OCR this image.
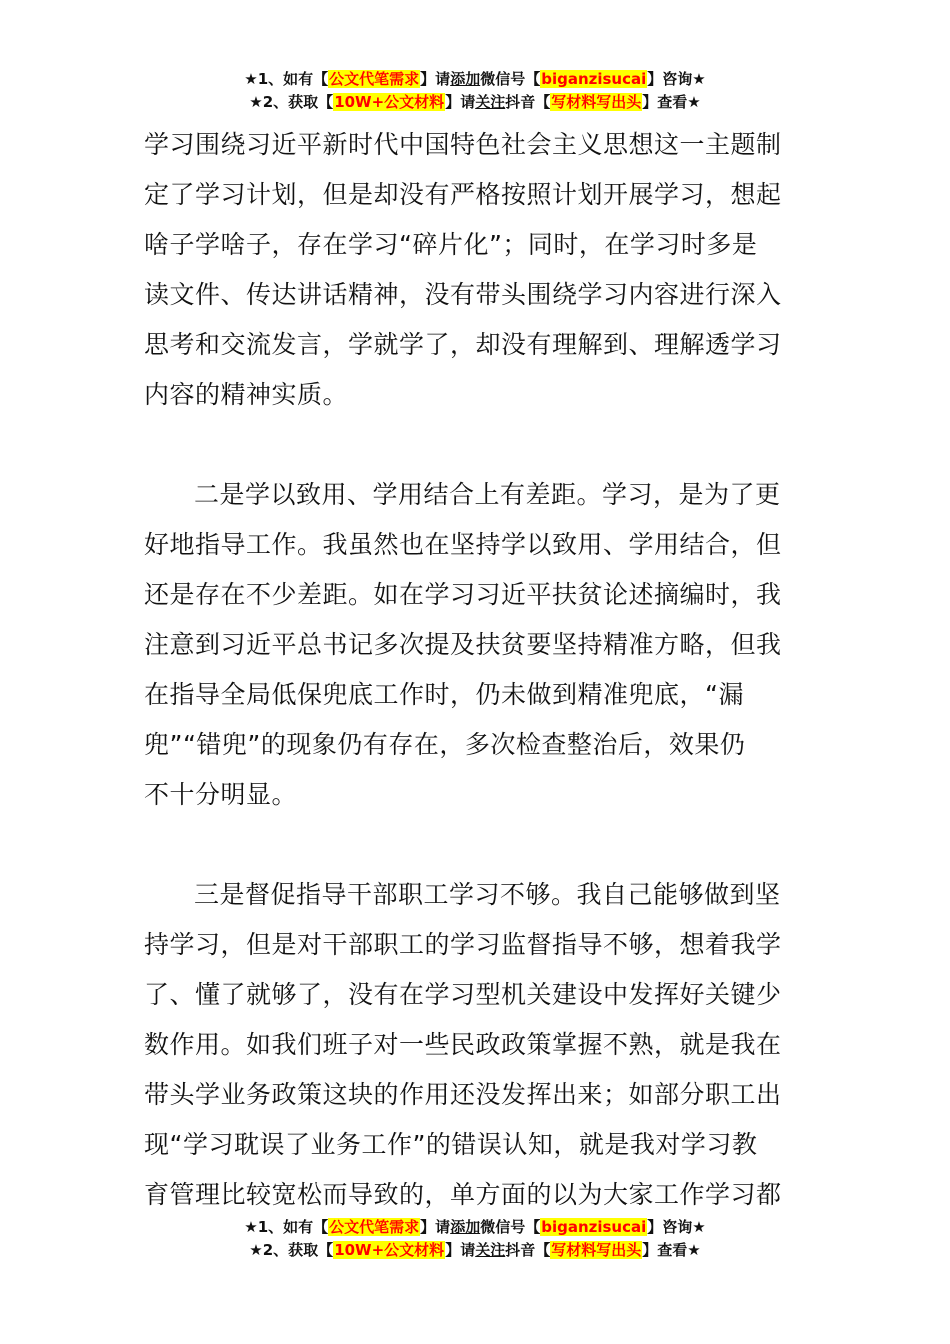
★1、如有【公文代笔需求】请添加微信号【biganzisucai】咨询★
★2、获取【10W+公文材料】请关注抖音【写材料写出头】查看★

学习围绕习近平新时代中国特色社会主义思想这一主题制
定了学习计划，但是却没有严格按照计划开展学习，想起
啥子学啥子，存在学习“碎片化”；同时，在学习时多是
读文件、传达讲话精神，没有带头围绕学习内容进行深入
思考和交流发言，学就学了，却没有理解到、理解透学习
内容的精神实质。

二是学以致用、学用结合上有差距。学习，是为了更
好地指导工作。我虽然也在坚持学以致用、学用结合，但
还是存在不少差距。如在学习习近平扶贫论述摘编时，我
注意到习近平总书记多次提及扶贫要坚持精准方略，但我
在指导全局低保兜底工作时，仍未做到精准兜底，“漏
兜”“错兜”的现象仍有存在，多次检查整治后，效果仍
不十分明显。

三是督促指导干部职工学习不够。我自己能够做到坚
持学习，但是对干部职工的学习监督指导不够，想着我学
了、懂了就够了，没有在学习型机关建设中发挥好关键少
数作用。如我们班子对一些民政政策掌握不熟，就是我在
带头学业务政策这块的作用还没发挥出来；如部分职工出
现“学习耽误了业务工作”的错误认知，就是我对学习教
育管理比较宽松而导致的，单方面的以为大家工作学习都

★1、如有【公文代笔需求】请添加微信号【biganzisucai】咨询★
★2、获取【10W+公文材料】请关注抖音【写材料写出头】查看★
